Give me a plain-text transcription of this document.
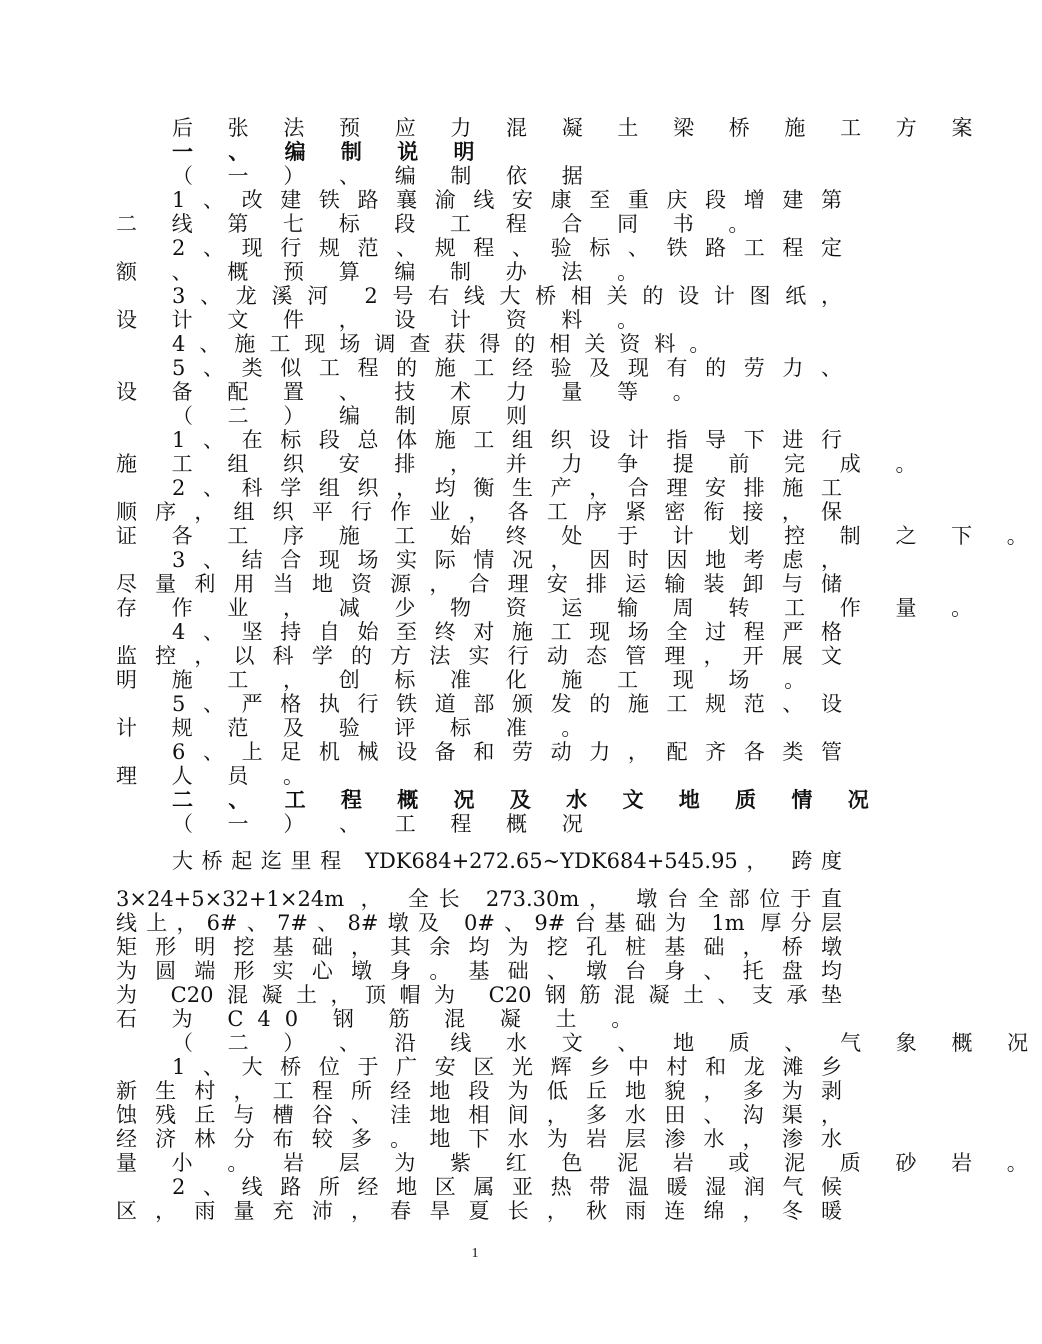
后 张 法 预 应 力 混 凝 土 梁 桥 施 工 方 案
一 、 编 制 说 明
（ 一 ） 、 编 制 依 据
1、改建铁路襄渝线安康至重庆段增建第
二 线 第 七 标 段 工 程 合 同 书 。
2、现行规范、规程、验标、铁路工程定
额 、 概 预 算 编 制 办 法 。
3、龙溪河 2号右线大桥相关的设计图纸，
设 计 文 件 ， 设 计 资 料 。
4、施工现场调查获得的相关资料。
5、类似工程的施工经验及现有的劳力、
设 备 配 置 、 技 术 力 量 等 。
（ 二 ） 编 制 原 则
1、在标段总体施工组织设计指导下进行
施 工 组 织 安 排 ， 并 力 争 提 前 完 成 。
2、科学组织，均衡生产，合理安排施工
顺序，组织平行作业，各工序紧密衔接，保
证 各 工 序 施 工 始 终 处 于 计 划 控 制 之 下 。
3、结合现场实际情况，因时因地考虑，
尽量利用当地资源，合理安排运输装卸与储
存 作 业 ， 减 少 物 资 运 输 周 转 工 作 量 。
4、坚持自始至终对施工现场全过程严格
监控，以科学的方法实行动态管理，开展文
明 施 工 ， 创 标 准 化 施 工 现 场 。
5、严格执行铁道部颁发的施工规范、设
计 规 范 及 验 评 标 准 。
6、上足机械设备和劳动力，配齐各类管
理 人 员 。
二 、 工 程 概 况 及 水 文 地 质 情 况
（ 一 ） 、 工 程 概 况
大桥起迄里程 YDK684+272.65~YDK684+545.95， 跨度
3×24+5×32+1×24m ， 全长 273.30m， 墩台全部位于直
线上，6#、7#、8#墩及 0#、9#台基础为 1m 厚分层
矩形明挖基础，其余均为挖孔桩基础，桥墩
为圆端形实心墩身。基础、墩台身、托盘均
为 C20混凝土，顶帽为 C20钢筋混凝土、支承垫
石 为 C40 钢 筋 混 凝 土 。
（ 二 ） 、 沿 线 水 文 、 地 质 、 气 象 概 况
1、大桥位于广安区光辉乡中村和龙滩乡
新生村，工程所经地段为低丘地貌，多为剥
蚀残丘与槽谷、洼地相间，多水田、沟渠，
经济林分布较多。地下水为岩层渗水，渗水
量 小 。 岩 层 为 紫 红 色 泥 岩 或 泥 质 砂 岩 。
2、线路所经地区属亚热带温暖湿润气候
区，雨量充沛，春旱夏长，秋雨连绵，冬暖
1
